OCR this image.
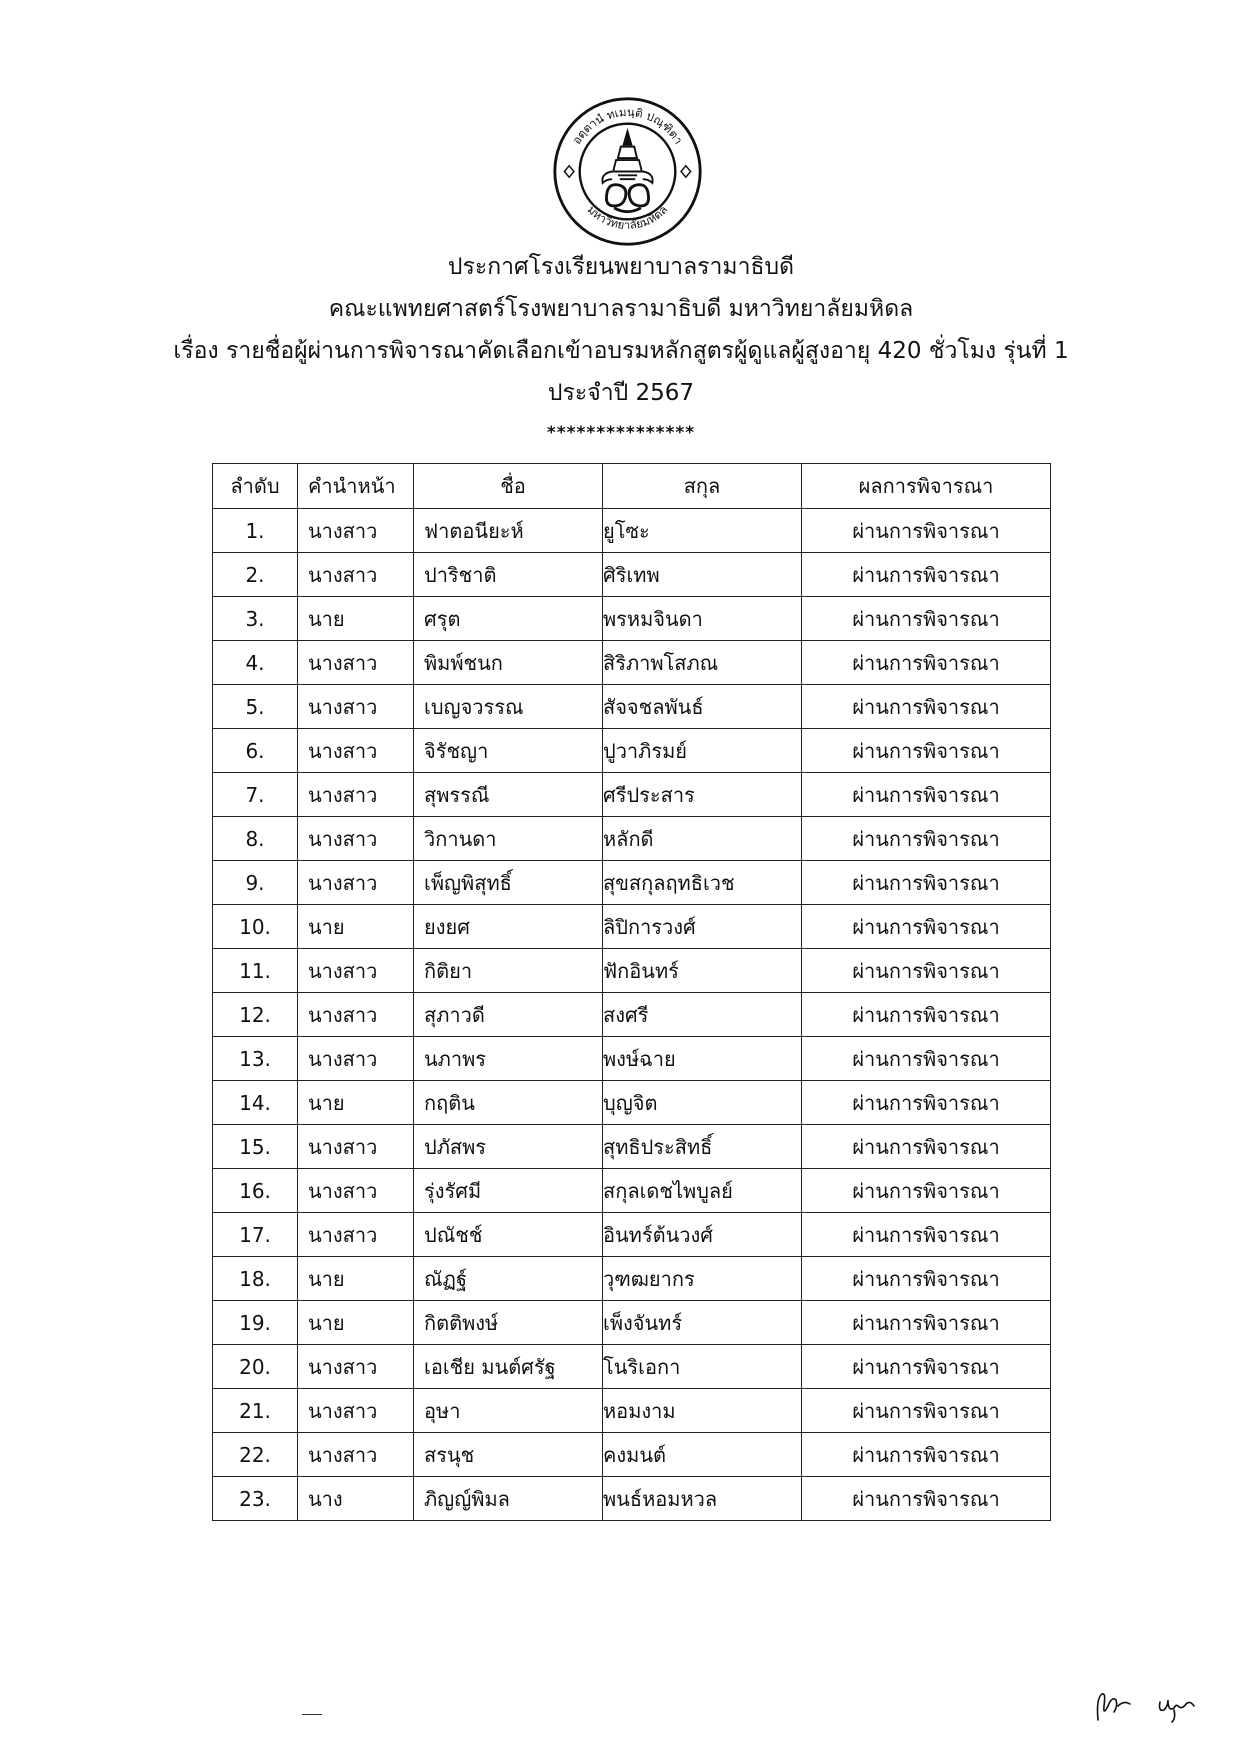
อตฺตานํ ทเมนฺติ ปณฺฑิตา
มหาวิทยาลัยมหิดล
ประกาศโรงเรียนพยาบาลรามาธิบดี
คณะแพทยศาสตร์โรงพยาบาลรามาธิบดี มหาวิทยาลัยมหิดล
เรื่อง รายชื่อผู้ผ่านการพิจารณาคัดเลือกเข้าอบรมหลักสูตรผู้ดูแลผู้สูงอายุ 420 ชั่วโมง รุ่นที่ 1
ประจำปี 2567
***************
ลำดับ	คำนำหน้า	ชื่อ	สกุล	ผลการพิจารณา
1.	นางสาว	ฟาตอนียะห์	ยูโซะ	ผ่านการพิจารณา
2.	นางสาว	ปาริชาติ	ศิริเทพ	ผ่านการพิจารณา
3.	นาย	ศรุต	พรหมจินดา	ผ่านการพิจารณา
4.	นางสาว	พิมพ์ชนก	สิริภาพโสภณ	ผ่านการพิจารณา
5.	นางสาว	เบญจวรรณ	สัจจชลพันธ์	ผ่านการพิจารณา
6.	นางสาว	จิรัชญา	ปูวาภิรมย์	ผ่านการพิจารณา
7.	นางสาว	สุพรรณี	ศรีประสาร	ผ่านการพิจารณา
8.	นางสาว	วิกานดา	หลักดี	ผ่านการพิจารณา
9.	นางสาว	เพ็ญพิสุทธิ์	สุขสกุลฤทธิเวช	ผ่านการพิจารณา
10.	นาย	ยงยศ	ลิปิการวงศ์	ผ่านการพิจารณา
11.	นางสาว	กิติยา	ฟักอินทร์	ผ่านการพิจารณา
12.	นางสาว	สุภาวดี	สงศรี	ผ่านการพิจารณา
13.	นางสาว	นภาพร	พงษ์ฉาย	ผ่านการพิจารณา
14.	นาย	กฤติน	บุญจิต	ผ่านการพิจารณา
15.	นางสาว	ปภัสพร	สุทธิประสิทธิ์	ผ่านการพิจารณา
16.	นางสาว	รุ่งรัศมี	สกุลเดชไพบูลย์	ผ่านการพิจารณา
17.	นางสาว	ปณัชช์	อินทร์ต้นวงศ์	ผ่านการพิจารณา
18.	นาย	ณัฏฐ์	วุฑฒยากร	ผ่านการพิจารณา
19.	นาย	กิตติพงษ์	เพ็งจันทร์	ผ่านการพิจารณา
20.	นางสาว	เอเชีย มนต์ศรัฐ	โนริเอกา	ผ่านการพิจารณา
21.	นางสาว	อุษา	หอมงาม	ผ่านการพิจารณา
22.	นางสาว	สรนุช	คงมนต์	ผ่านการพิจารณา
23.	นาง	ภิญญ์พิมล	พนธ์หอมหวล	ผ่านการพิจารณา
